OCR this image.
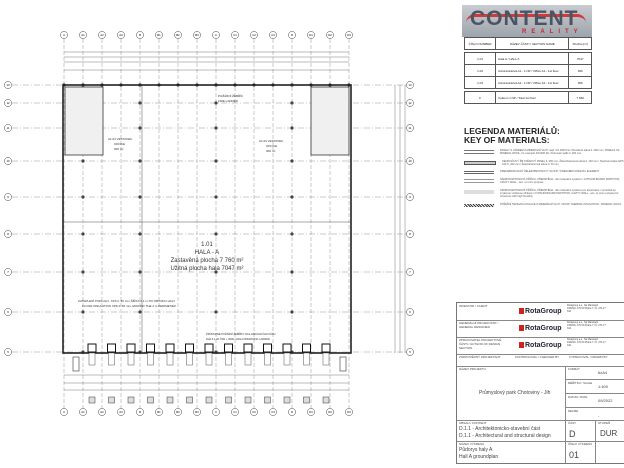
A
A
A1
A1
A2
A2
A3
A3
B
B
B1
B1
B2
B2
B3
B3
C
C
C1
C1
C2
C2
C3
C3
D
D
D1
D1
D2
D2
D3
D3
13	13
12	12
11	11
10	10
9	9
8	8
7	7
6	6
5	5
1.01
HALA - A
Zastavěná plocha 7 760 m²
Užitná plocha hala 7047 m²
A1.03 VESTAVEK
OFFICE
306 m²
A1.03 VESTAVEK
OFFICE
306 m²
POŽÁRNÍ ŽEBŘÍK
FIRE LADDER
ZATEPLENÍ PODLAHY, XPS tl. 80 mm ŠÍŘKA 2,1 m PO OBVODU HALY
FLOOR INSULATION XPS tl. 80 mm AROUND THE 2 m PERIMETER
PRŮNOZNÉ POŽÁRNÍ ŽEBŘÍKY DLE ZADÁVACÍHO PÁSU
DLE 5.1.26 ČSN + 3000 / HIGH-OPERATING LADDER
CONTENT
REALITY
ČÍSLO NUMBER	NÁZEV ČÁSTI / SECTION NAME	Plocha [m²]

1.01	Hala A / HALL A	7047
1.02	Administrativa A1 - 1.NP / Office A1 - 1st floor	306
1.03	Administrativa A2 - 1.NP / Office A2 - 1st floor	306

Σ	Celkem 1.NP / Total 1st floor	7 660
LEGENDA MATERIÁLŮ:
KEY OF MATERIALS:
PANELY S JÁDREM Z MINERÁLNÍ VLNY např. KS 1000 FH, Obvodová stěna tl. 200 mm / PANELS OF MINERAL WOOL, for example KS1000 FH, Perimeter walls tl. 200 mm
SENDVIČOVÝ ŽB STĚNOVÝ PANEL tl. 300 mm, Železobetonová stěna tl. 140 mm / Tepelná izolace EPS 100 S, 100 mm / Železobetonová stěna tl. 70 mm
PREFABRIKOVANÝ ŽELEZOBETONOVÝ SLOUP / PREFABRICATED RC ELEMENT
SÁDROKARTONOVÁ PŘÍČKA, PŘEDSTĚNA - dle zvoleného systému / GYPSUM BOARD PARTITION, CAVITY WALL - acc. to room purpose
SÁDROKARTONOVÁ PŘÍČKA, PŘEDSTĚNA - dle zvoleného systému pro konstrukce v prostředí se zvýšenou vzdušnou vlhkostí / GYPSUM BOARD PARTITION, CAVITY WALL - acc. to room purpose for structures with high humidity
STŘEŠNÍ TEPELNÁ IZOLACE Z MINERÁLNÍ VLNY / ROOF THERMAL INSULATION - MINERAL WOOL
INVESTOR / CLIENT
RotaGroup
Rotagroup a.s., Na Maninách 1092/20, 170 00 Praha 7, IČ: 274 17 344
GENERÁLNÍ PROJEKTANT / GENERAL DESIGNER	RotaGroup
Rotagroup a.s., Na Maninách 1092/20, 170 00 Praha 7, IČ: 274 17 344
ZPRACOVATEL PROJEKTOVÉ ČÁSTI / AUTHOR OF DESIGN SECTION	RotaGroup
Rotagroup a.s., Na Maninách 1092/20, 170 00 Praha 7, IČ: 274 17 344
ZODPOVĚDNÝ PROJEKTANT	KONTROLOVAL / CHECKED BY	VYPRACOVAL / DRAWN BY
NÁZEV PROJEKTU
Průmyslový park Chotoviny - Jih
FORMÁT
6xA4
MĚŘÍTKO / SCALE
1:400
DATUM / DATE
09/2022
REVIZE
-
OBSAH / CONTENT
D.1.1 - Architektonicko-stavební část
D.1.1 - Architectural and structural design
ČÁST
D
STUPEŇ
DUR
NÁZEV VÝKRESU
Půdorys haly A
Hall A groundplan
ČÍSLO VÝKRESU
01
